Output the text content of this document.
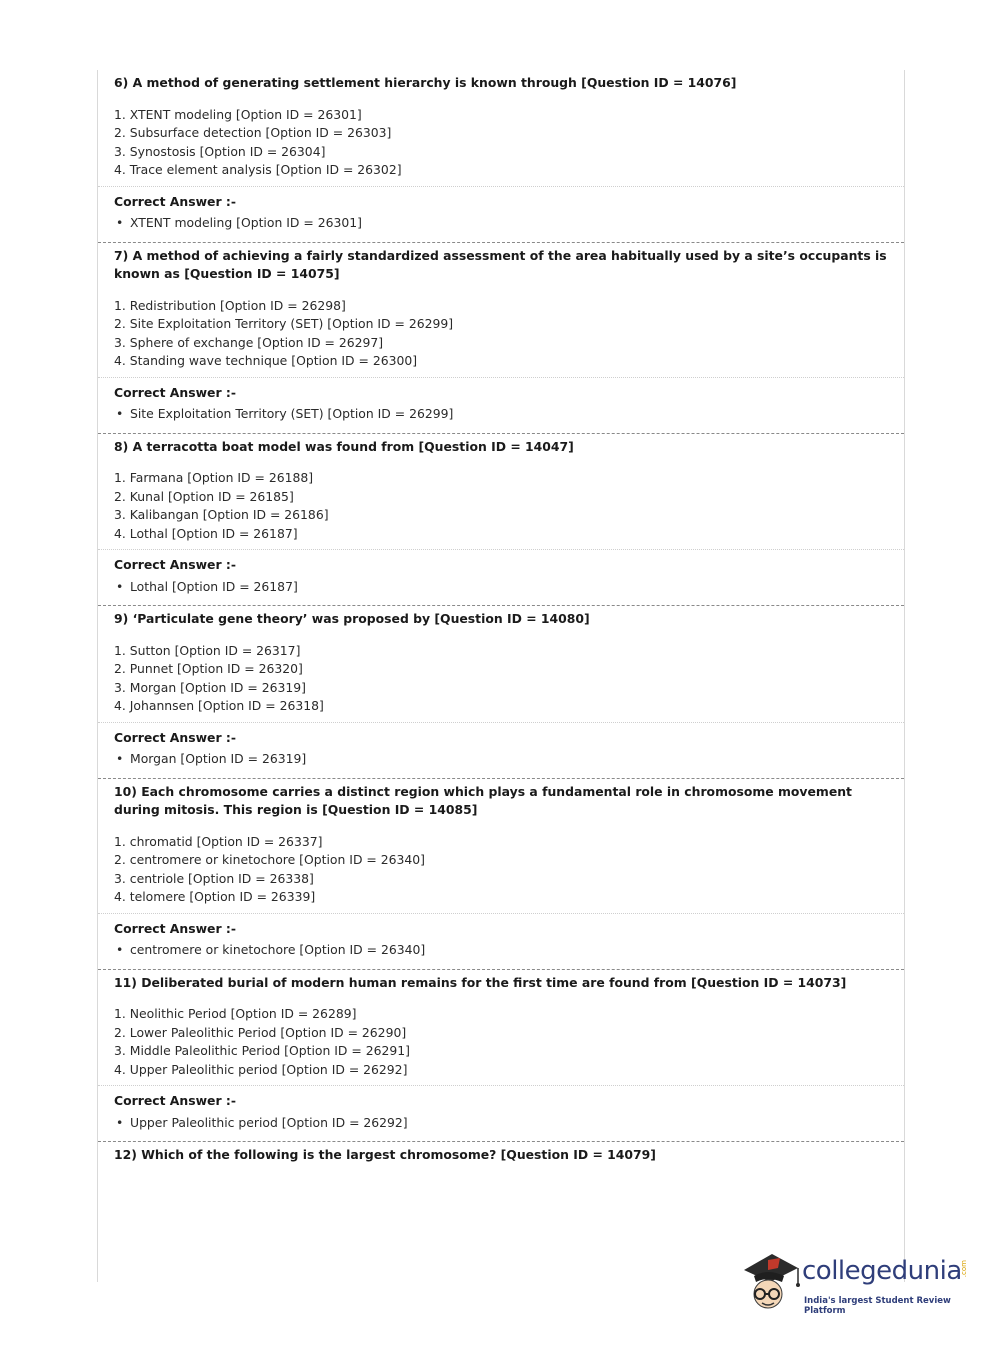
6) A method of generating settlement hierarchy is known through [Question ID = 14076]
1. XTENT modeling [Option ID = 26301]
2. Subsurface detection [Option ID = 26303]
3. Synostosis [Option ID = 26304]
4. Trace element analysis [Option ID = 26302]
Correct Answer :-
• XTENT modeling [Option ID = 26301]
7) A method of achieving a fairly standardized assessment of the area habitually used by a site’s occupants is known as [Question ID = 14075]
1. Redistribution [Option ID = 26298]
2. Site Exploitation Territory (SET) [Option ID = 26299]
3. Sphere of exchange [Option ID = 26297]
4. Standing wave technique [Option ID = 26300]
Correct Answer :-
• Site Exploitation Territory (SET) [Option ID = 26299]
8) A terracotta boat model was found from [Question ID = 14047]
1. Farmana [Option ID = 26188]
2. Kunal [Option ID = 26185]
3. Kalibangan [Option ID = 26186]
4. Lothal [Option ID = 26187]
Correct Answer :-
• Lothal [Option ID = 26187]
9) ‘Particulate gene theory’ was proposed by [Question ID = 14080]
1. Sutton [Option ID = 26317]
2. Punnet [Option ID = 26320]
3. Morgan [Option ID = 26319]
4. Johannsen [Option ID = 26318]
Correct Answer :-
• Morgan [Option ID = 26319]
10) Each chromosome carries a distinct region which plays a fundamental role in chromosome movement during mitosis. This region is [Question ID = 14085]
1. chromatid [Option ID = 26337]
2. centromere or kinetochore [Option ID = 26340]
3. centriole [Option ID = 26338]
4. telomere [Option ID = 26339]
Correct Answer :-
• centromere or kinetochore [Option ID = 26340]
11) Deliberated burial of modern human remains for the first time are found from [Question ID = 14073]
1. Neolithic Period [Option ID = 26289]
2. Lower Paleolithic Period [Option ID = 26290]
3. Middle Paleolithic Period [Option ID = 26291]
4. Upper Paleolithic period [Option ID = 26292]
Correct Answer :-
• Upper Paleolithic period [Option ID = 26292]
12) Which of the following is the largest chromosome? [Question ID = 14079]
collegedunia
.com
India's largest Student Review Platform
